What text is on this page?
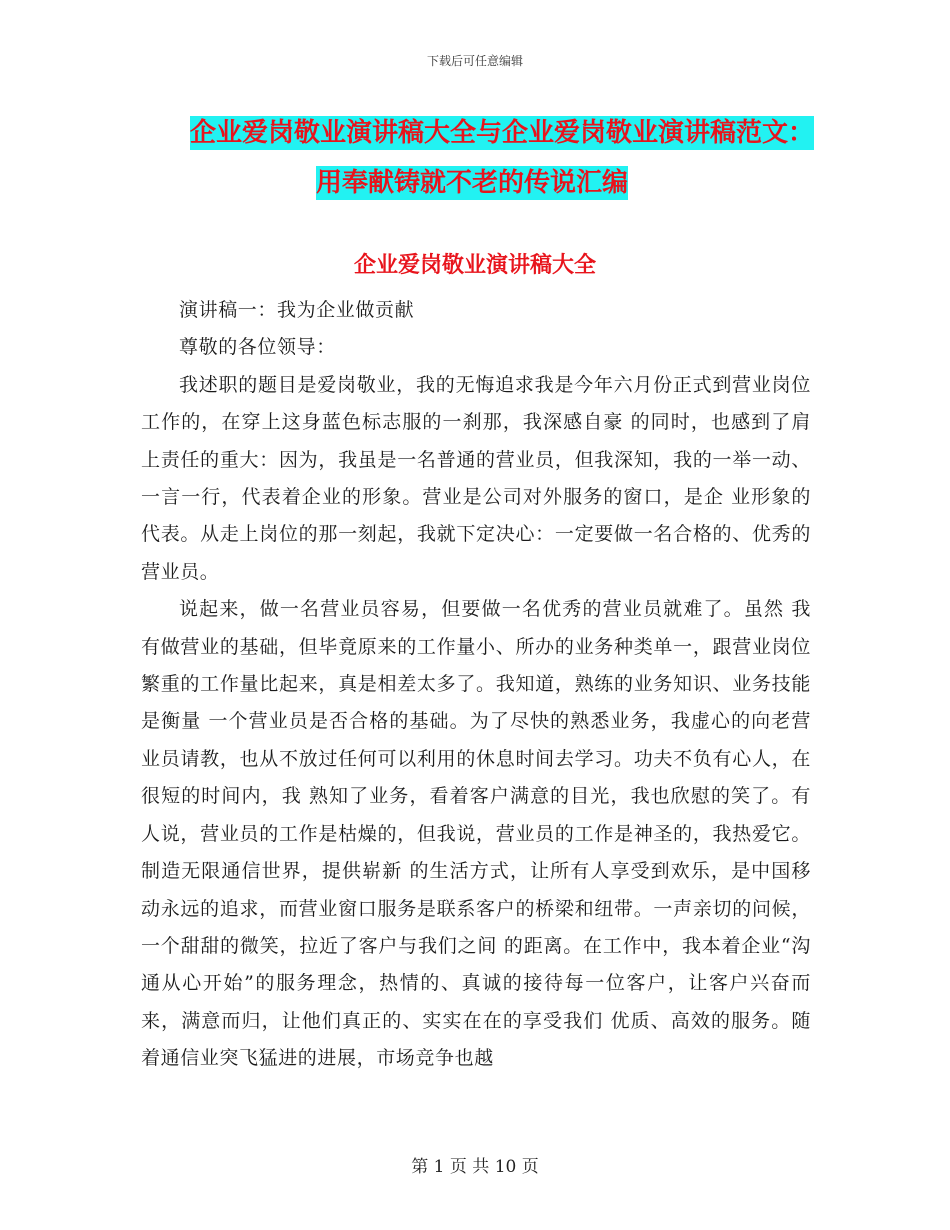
下载后可任意编辑
企业爱岗敬业演讲稿大全与企业爱岗敬业演讲稿范文：
用奉献铸就不老的传说汇编
企业爱岗敬业演讲稿大全

演讲稿一：我为企业做贡献

尊敬的各位领导：

我述职的题目是爱岗敬业，我的无悔追求我是今年六月份正式到营业岗位工作的，在穿上这身蓝色标志服的一刹那，我深感自豪 的同时，也感到了肩上责任的重大：因为，我虽是一名普通的营业员，但我深知，我的一举一动、一言一行，代表着企业的形象。营业是公司对外服务的窗口，是企 业形象的代表。从走上岗位的那一刻起，我就下定决心：一定要做一名合格的、优秀的营业员。

说起来，做一名营业员容易，但要做一名优秀的营业员就难了。虽然 我有做营业的基础，但毕竟原来的工作量小、所办的业务种类单一，跟营业岗位繁重的工作量比起来，真是相差太多了。我知道，熟练的业务知识、业务技能是衡量 一个营业员是否合格的基础。为了尽快的熟悉业务，我虚心的向老营业员请教，也从不放过任何可以利用的休息时间去学习。功夫不负有心人，在很短的时间内，我 熟知了业务，看着客户满意的目光，我也欣慰的笑了。有人说，营业员的工作是枯燥的，但我说，营业员的工作是神圣的，我热爱它。制造无限通信世界，提供崭新 的生活方式，让所有人享受到欢乐，是中国移动永远的追求，而营业窗口服务是联系客户的桥梁和纽带。一声亲切的问候，一个甜甜的微笑，拉近了客户与我们之间 的距离。在工作中，我本着企业“沟通从心开始”的服务理念，热情的、真诚的接待每一位客户，让客户兴奋而来，满意而归，让他们真正的、实实在在的享受我们 优质、高效的服务。随着通信业突飞猛进的进展，市场竞争也越

第 1 页 共 10 页
